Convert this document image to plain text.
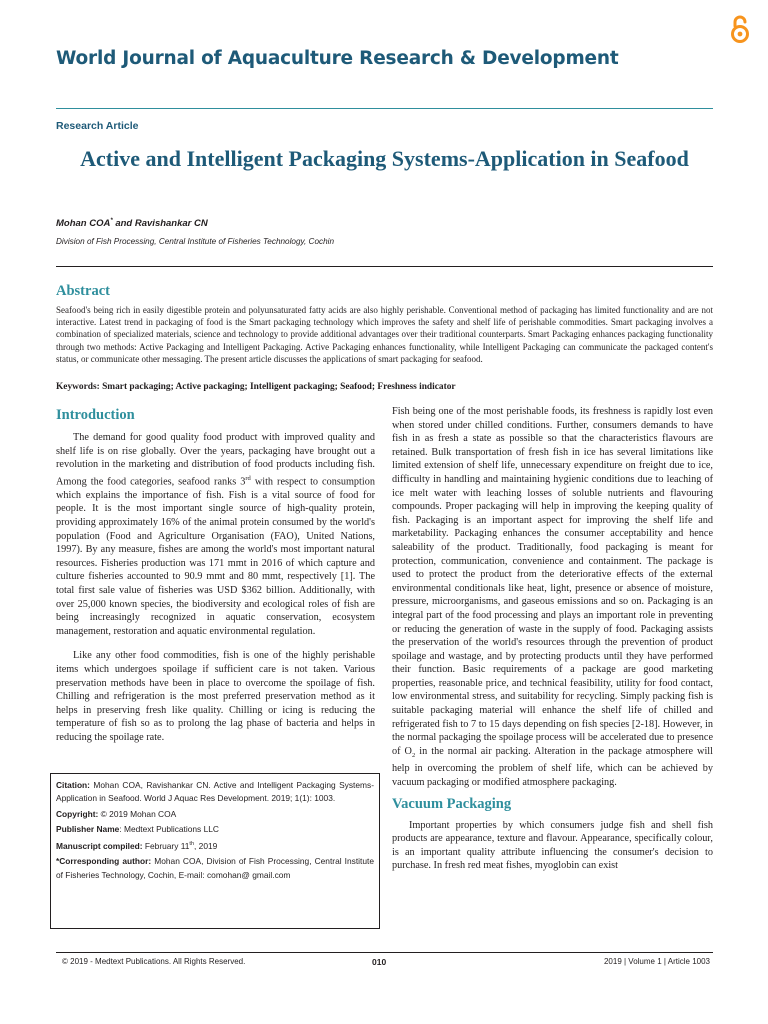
World Journal of Aquaculture Research & Development
Research Article
Active and Intelligent Packaging Systems-Application in Seafood
Mohan COA* and Ravishankar CN
Division of Fish Processing, Central Institute of Fisheries Technology, Cochin
Abstract
Seafood's being rich in easily digestible protein and polyunsaturated fatty acids are also highly perishable. Conventional method of packaging has limited functionality and are not interactive. Latest trend in packaging of food is the Smart packaging technology which improves the safety and shelf life of perishable commodities. Smart packaging involves a combination of specialized materials, science and technology to provide additional advantages over their traditional counterparts. Smart Packaging enhances packaging functionality through two methods: Active Packaging and Intelligent Packaging. Active Packaging enhances functionality, while Intelligent Packaging can communicate the packaged content's status, or communicate other messaging. The present article discusses the applications of smart packaging for seafood.
Keywords: Smart packaging; Active packaging; Intelligent packaging; Seafood; Freshness indicator
Introduction

The demand for good quality food product with improved quality and shelf life is on rise globally. Over the years, packaging have brought out a revolution in the marketing and distribution of food products including fish. Among the food categories, seafood ranks 3rd with respect to consumption which explains the importance of fish. Fish is a vital source of food for people. It is the most important single source of high-quality protein, providing approximately 16% of the animal protein consumed by the world's population (Food and Agriculture Organisation (FAO), United Nations, 1997). By any measure, fishes are among the world's most important natural resources. Fisheries production was 171 mmt in 2016 of which capture and culture fisheries accounted to 90.9 mmt and 80 mmt, respectively [1]. The total first sale value of fisheries was USD $362 billion. Additionally, with over 25,000 known species, the biodiversity and ecological roles of fish are being increasingly recognized in aquatic conservation, ecosystem management, restoration and aquatic environmental regulation.

Like any other food commodities, fish is one of the highly perishable items which undergoes spoilage if sufficient care is not taken. Various preservation methods have been in place to overcome the spoilage of fish. Chilling and refrigeration is the most preferred preservation method as it helps in preserving fresh like quality. Chilling or icing is reducing the temperature of fish so as to prolong the lag phase of bacteria and helps in reducing the spoilage rate.

Fish being one of the most perishable foods, its freshness is rapidly lost even when stored under chilled conditions. Further, consumers demands to have fish in as fresh a state as possible so that the characteristics flavours are retained. Bulk transportation of fresh fish in ice has several limitations like limited extension of shelf life, unnecessary expenditure on freight due to ice, difficulty in handling and maintaining hygienic conditions due to leaching of ice melt water with leaching losses of soluble nutrients and flavouring compounds. Proper packaging will help in improving the keeping quality of fish. Packaging is an important aspect for improving the shelf life and marketability. Packaging enhances the consumer acceptability and hence saleability of the product. Traditionally, food packaging is meant for protection, communication, convenience and containment. The package is used to protect the product from the deteriorative effects of the external environmental conditionals like heat, light, presence or absence of moisture, pressure, microorganisms, and gaseous emissions and so on. Packaging is an integral part of the food processing and plays an important role in preventing or reducing the generation of waste in the supply of food. Packaging assists the preservation of the world's resources through the prevention of product spoilage and wastage, and by protecting products until they have performed their function. Basic requirements of a package are good marketing properties, reasonable price, and technical feasibility, utility for food contact, low environmental stress, and suitability for recycling. Simply packing fish is suitable packaging material will enhance the shelf life of chilled and refrigerated fish to 7 to 15 days depending on fish species [2-18]. However, in the normal packaging the spoilage process will be accelerated due to presence of $O_2$ in the normal air packing. Alteration in the package atmosphere will help in overcoming the problem of shelf life, which can be achieved by vacuum packaging or modified atmosphere packaging.

Vacuum Packaging

Important properties by which consumers judge fish and shell fish products are appearance, texture and flavour. Appearance, specifically colour, is an important quality attribute influencing the consumer's decision to purchase. In fresh red meat fishes, myoglobin can exist

Citation: Mohan COA, Ravishankar CN. Active and Intelligent Packaging Systems-Application in Seafood. World J Aquac Res Development. 2019; 1(1): 1003.
Copyright: © 2019 Mohan COA
Publisher Name: Medtext Publications LLC
Manuscript compiled: February 11th, 2019
*Corresponding author: Mohan COA, Division of Fish Processing, Central Institute of Fisheries Technology, Cochin, E-mail: comohan@ gmail.com
© 2019 - Medtext Publications. All Rights Reserved.	010	2019 | Volume 1 | Article 1003
